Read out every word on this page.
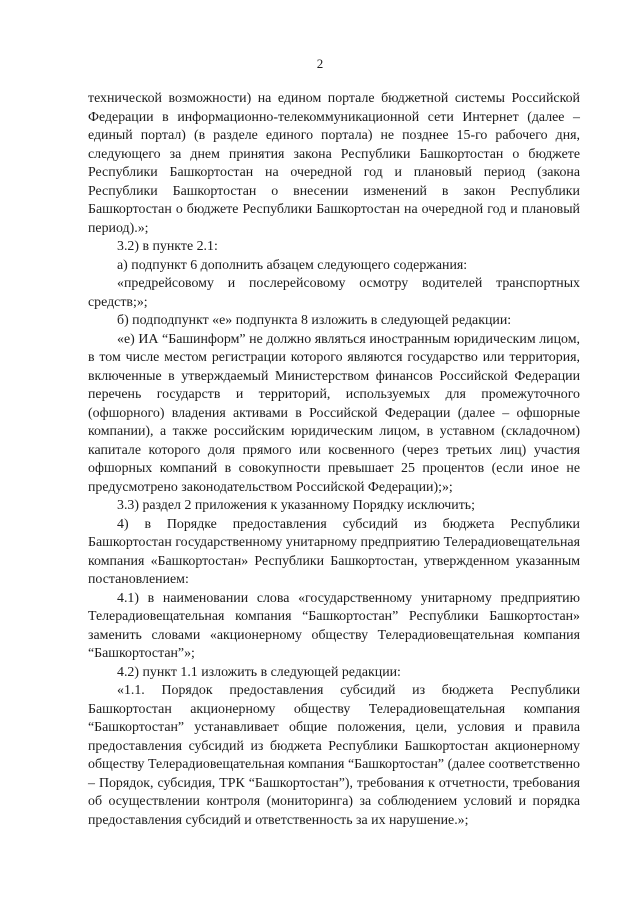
2

технической возможности) на едином портале бюджетной системы Российской Федерации в информационно-телекоммуникационной сети Интернет (далее – единый портал) (в разделе единого портала) не позднее 15-го рабочего дня, следующего за днем принятия закона Республики Башкортостан о бюджете Республики Башкортостан на очередной год и плановый период (закона Республики Башкортостан о внесении изменений в закон Республики Башкортостан о бюджете Республики Башкортостан на очередной год и плановый период).»;

3.2) в пункте 2.1:

а) подпункт 6 дополнить абзацем следующего содержания:

«предрейсовому и послерейсовому осмотру водителей транспортных средств;»;

б) подподпункт «е» подпункта 8 изложить в следующей редакции:

«е) ИА “Башинформ” не должно являться иностранным юридическим лицом, в том числе местом регистрации которого являются государство или территория, включенные в утверждаемый Министерством финансов Российской Федерации перечень государств и территорий, используемых для промежуточного (офшорного) владения активами в Российской Федерации (далее – офшорные компании), а также российским юридическим лицом, в уставном (складочном) капитале которого доля прямого или косвенного (через третьих лиц) участия офшорных компаний в совокупности превышает 25 процентов (если иное не предусмотрено законодательством Российской Федерации);»;

3.3) раздел 2 приложения к указанному Порядку исключить;

4) в Порядке предоставления субсидий из бюджета Республики Башкортостан государственному унитарному предприятию Телерадиовещательная компания «Башкортостан» Республики Башкортостан, утвержденном указанным постановлением:

4.1) в наименовании слова «государственному унитарному предприятию Телерадиовещательная компания “Башкортостан” Республики Башкортостан» заменить словами «акционерному обществу Телерадиовещательная компания “Башкортостан”»;

4.2) пункт 1.1 изложить в следующей редакции:

«1.1. Порядок предоставления субсидий из бюджета Республики Башкортостан акционерному обществу Телерадиовещательная компания “Башкортостан” устанавливает общие положения, цели, условия и правила предоставления субсидий из бюджета Республики Башкортостан акционерному обществу Телерадиовещательная компания “Башкортостан” (далее соответственно – Порядок, субсидия, ТРК “Башкортостан”), требования к отчетности, требования об осуществлении контроля (мониторинга) за соблюдением условий и порядка предоставления субсидий и ответственность за их нарушение.»;
